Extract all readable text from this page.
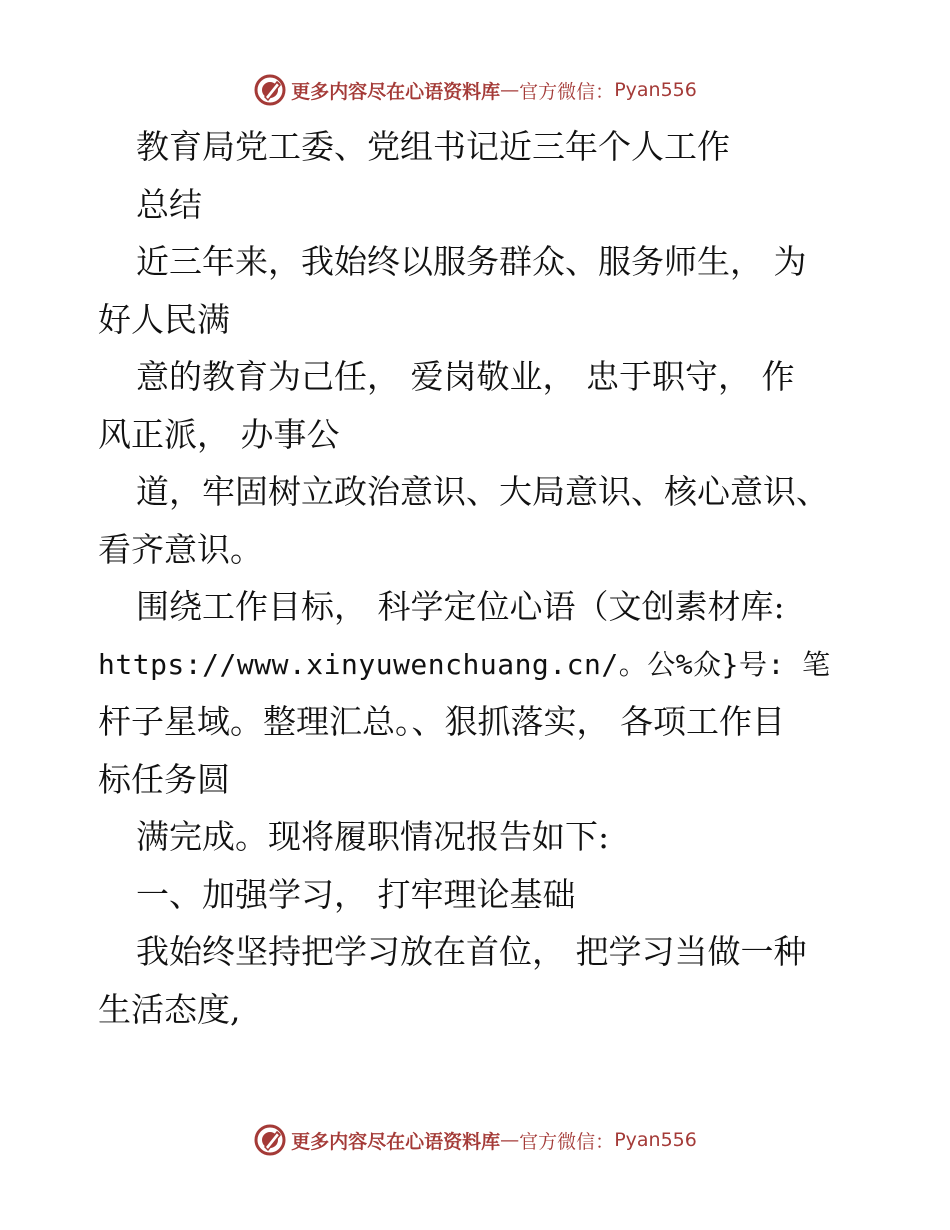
更多内容尽在心语资料库 — 官方微信： Pyan556
教育局党工委、党组书记近三年个人工作
总结
近三年来，我始终以服务群众、服务师生， 为
好人民满
意的教育为己任， 爱岗敬业， 忠于职守， 作
风正派， 办事公
道，牢固树立政治意识、大局意识、核心意识、
看齐意识。
围绕工作目标， 科学定位心语（文创素材库:
https://www.xinyuwenchuang.cn/。公%众}号: 笔
杆子星域。整理汇总。、狠抓落实， 各项工作目
标任务圆
满完成。现将履职情况报告如下:
一、加强学习， 打牢理论基础
我始终坚持把学习放在首位， 把学习当做一种
生活态度,
更多内容尽在心语资料库 — 官方微信： Pyan556
